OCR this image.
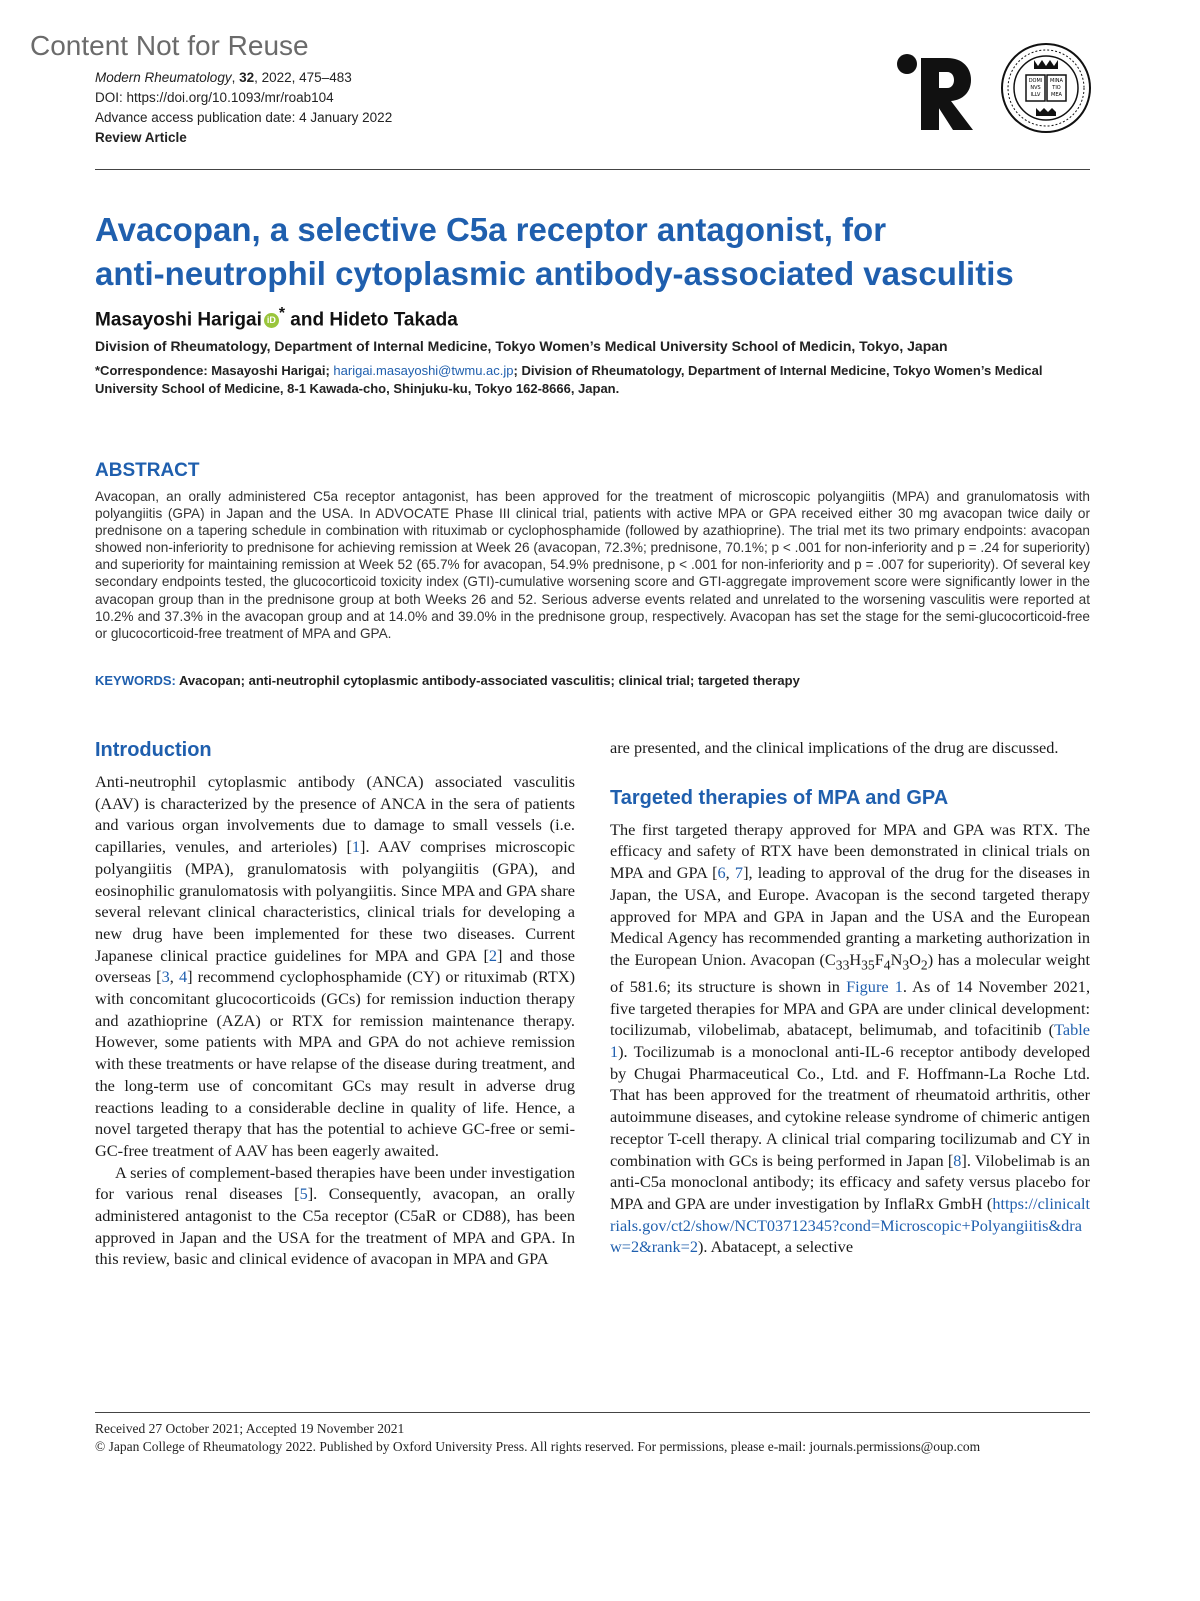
Content Not for Reuse
Modern Rheumatology, 32, 2022, 475–483
DOI: https://doi.org/10.1093/mr/roab104
Advance access publication date: 4 January 2022
Review Article
DOMI
NVS
ILLV
MINA
TIO
MEA
Avacopan, a selective C5a receptor antagonist, for
anti-neutrophil cytoplasmic antibody-associated vasculitis
Masayoshi Harigai iD * and Hideto Takada
Division of Rheumatology, Department of Internal Medicine, Tokyo Women’s Medical University School of Medicin, Tokyo, Japan
*Correspondence: Masayoshi Harigai; harigai.masayoshi@twmu.ac.jp; Division of Rheumatology, Department of Internal Medicine, Tokyo Women’s Medical University School of Medicine, 8-1 Kawada-cho, Shinjuku-ku, Tokyo 162-8666, Japan.
ABSTRACT
Avacopan, an orally administered C5a receptor antagonist, has been approved for the treatment of microscopic polyangiitis (MPA) and granulomatosis with polyangiitis (GPA) in Japan and the USA. In ADVOCATE Phase III clinical trial, patients with active MPA or GPA received either 30 mg avacopan twice daily or prednisone on a tapering schedule in combination with rituximab or cyclophosphamide (followed by azathioprine). The trial met its two primary endpoints: avacopan showed non-inferiority to prednisone for achieving remission at Week 26 (avacopan, 72.3%; prednisone, 70.1%; p < .001 for non-inferiority and p = .24 for superiority) and superiority for maintaining remission at Week 52 (65.7% for avacopan, 54.9% prednisone, p < .001 for non-inferiority and p = .007 for superiority). Of several key secondary endpoints tested, the glucocorticoid toxicity index (GTI)-cumulative worsening score and GTI-aggregate improvement score were significantly lower in the avacopan group than in the prednisone group at both Weeks 26 and 52. Serious adverse events related and unrelated to the worsening vasculitis were reported at 10.2% and 37.3% in the avacopan group and at 14.0% and 39.0% in the prednisone group, respectively. Avacopan has set the stage for the semi-glucocorticoid-free or glucocorticoid-free treatment of MPA and GPA.
KEYWORDS: Avacopan; anti-neutrophil cytoplasmic antibody-associated vasculitis; clinical trial; targeted therapy
Introduction

Anti-neutrophil cytoplasmic antibody (ANCA) associated vasculitis (AAV) is characterized by the presence of ANCA in the sera of patients and various organ involvements due to damage to small vessels (i.e. capillaries, venules, and arterioles) [1]. AAV comprises microscopic polyangiitis (MPA), granulomatosis with polyangiitis (GPA), and eosinophilic granulomatosis with polyangiitis. Since MPA and GPA share several relevant clinical characteristics, clinical trials for developing a new drug have been implemented for these two diseases. Current Japanese clinical practice guidelines for MPA and GPA [2] and those overseas [3, 4] recommend cyclophosphamide (CY) or rituximab (RTX) with concomitant glucocorticoids (GCs) for remission induction therapy and azathioprine (AZA) or RTX for remission maintenance therapy. However, some patients with MPA and GPA do not achieve remission with these treatments or have relapse of the disease during treatment, and the long-term use of concomitant GCs may result in adverse drug reactions leading to a considerable decline in quality of life. Hence, a novel targeted therapy that has the potential to achieve GC-free or semi-GC-free treatment of AAV has been eagerly awaited.

A series of complement-based therapies have been under investigation for various renal diseases [5]. Consequently, avacopan, an orally administered antagonist to the C5a receptor (C5aR or CD88), has been approved in Japan and the USA for the treatment of MPA and GPA. In this review, basic and clinical evidence of avacopan in MPA and GPA

are presented, and the clinical implications of the drug are discussed.

Targeted therapies of MPA and GPA

The first targeted therapy approved for MPA and GPA was RTX. The efficacy and safety of RTX have been demonstrated in clinical trials on MPA and GPA [6, 7], leading to approval of the drug for the diseases in Japan, the USA, and Europe. Avacopan is the second targeted therapy approved for MPA and GPA in Japan and the USA and the European Medical Agency has recommended granting a marketing authorization in the European Union. Avacopan $(C_{33}H_{35}F_4N_3O_2)$ has a molecular weight of 581.6; its structure is shown in Figure 1. As of 14 November 2021, five targeted therapies for MPA and GPA are under clinical development: tocilizumab, vilobelimab, abatacept, belimumab, and tofacitinib (Table 1). Tocilizumab is a monoclonal anti-IL-6 receptor antibody developed by Chugai Pharmaceutical Co., Ltd. and F. Hoffmann-La Roche Ltd. That has been approved for the treatment of rheumatoid arthritis, other autoimmune diseases, and cytokine release syndrome of chimeric antigen receptor T-cell therapy. A clinical trial comparing tocilizumab and CY in combination with GCs is being performed in Japan [8]. Vilobelimab is an anti-C5a monoclonal antibody; its efficacy and safety versus placebo for MPA and GPA are under investigation by InflaRx GmbH (https://clinicaltrials.gov/ct2/show/NCT03712345?cond=Microscopic+Polyangiitis&draw=2&rank=2). Abatacept, a selective

Received 27 October 2021; Accepted 19 November 2021
© Japan College of Rheumatology 2022. Published by Oxford University Press. All rights reserved. For permissions, please e-mail: journals.permissions@oup.com
